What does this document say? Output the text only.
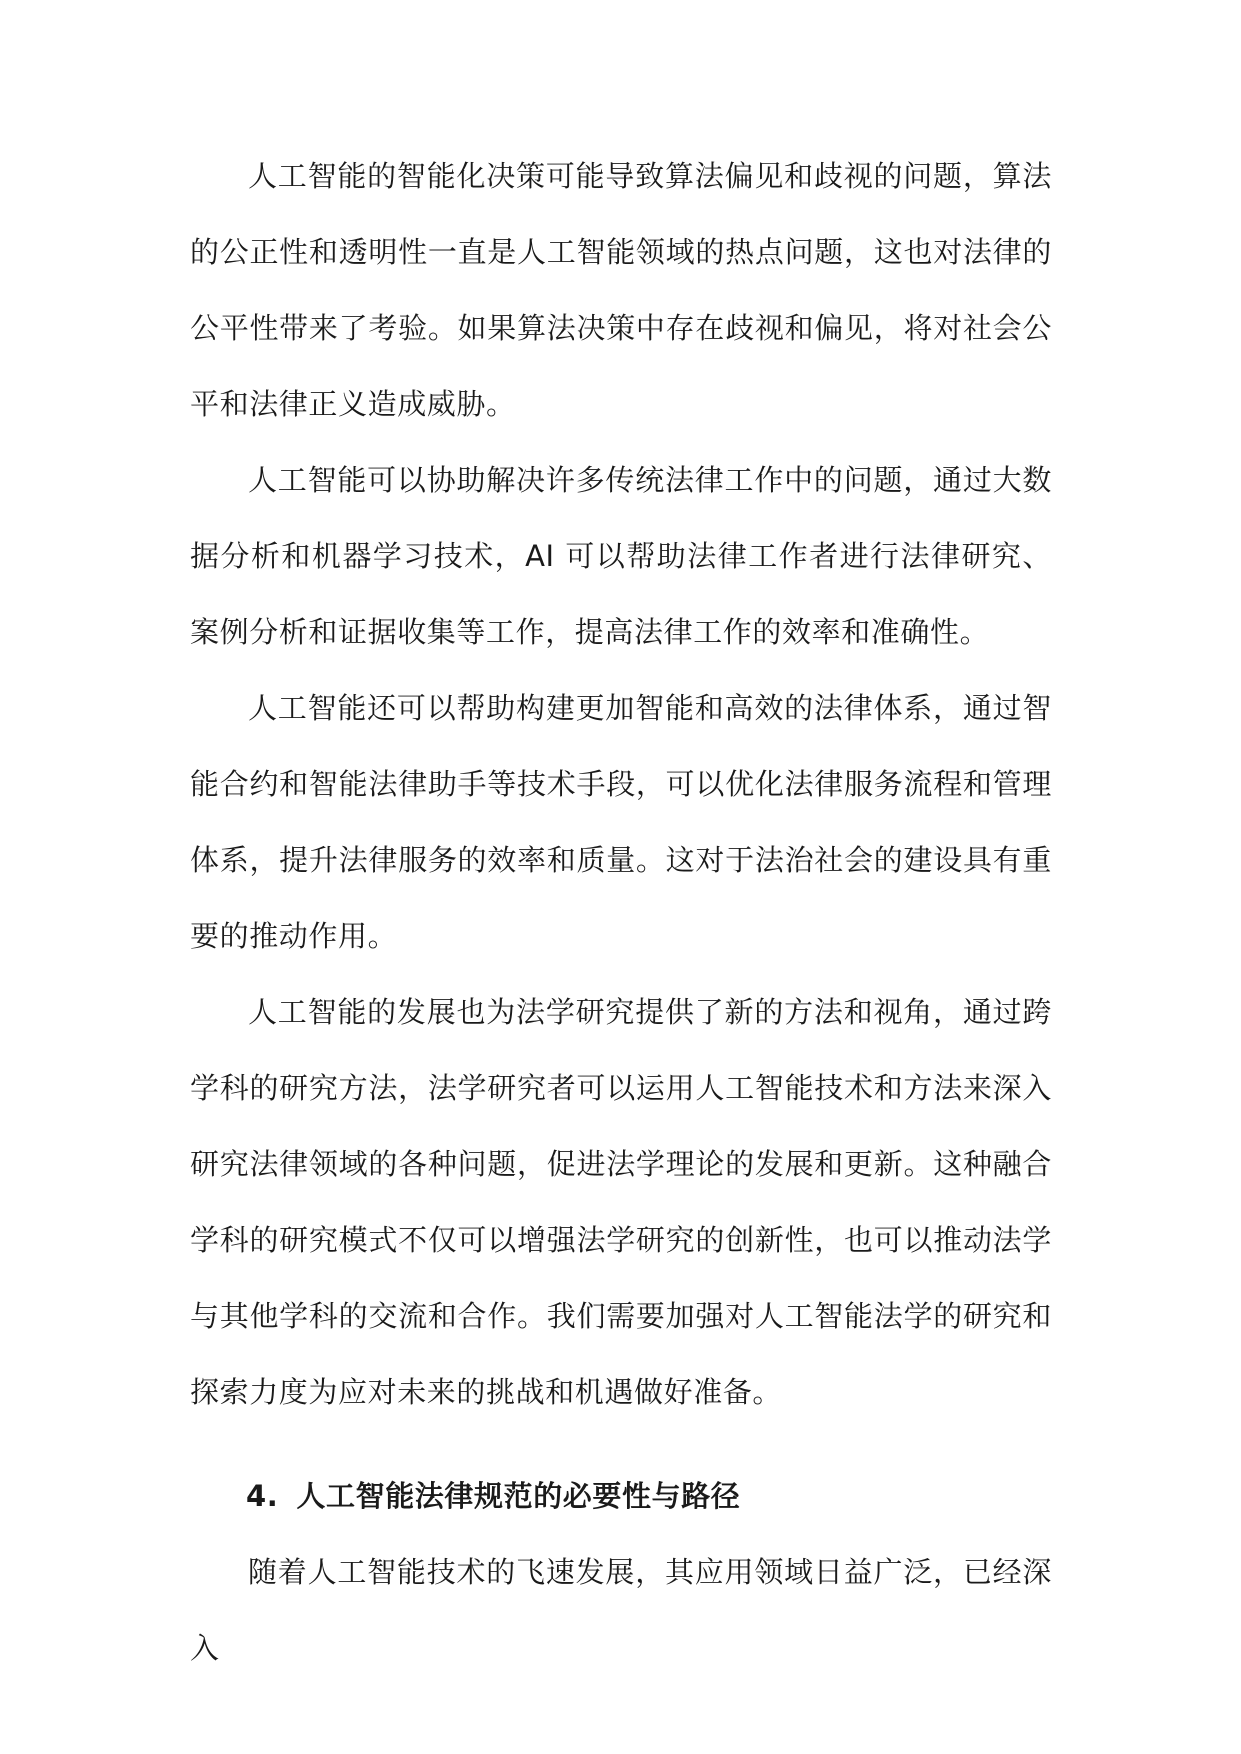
人工智能的智能化决策可能导致算法偏见和歧视的问题，算法的公正性和透明性一直是人工智能领域的热点问题，这也对法律的公平性带来了考验。如果算法决策中存在歧视和偏见，将对社会公平和法律正义造成威胁。

人工智能可以协助解决许多传统法律工作中的问题，通过大数据分析和机器学习技术，AI 可以帮助法律工作者进行法律研究、案例分析和证据收集等工作，提高法律工作的效率和准确性。

人工智能还可以帮助构建更加智能和高效的法律体系，通过智能合约和智能法律助手等技术手段，可以优化法律服务流程和管理体系，提升法律服务的效率和质量。这对于法治社会的建设具有重要的推动作用。

人工智能的发展也为法学研究提供了新的方法和视角，通过跨学科的研究方法，法学研究者可以运用人工智能技术和方法来深入研究法律领域的各种问题，促进法学理论的发展和更新。这种融合学科的研究模式不仅可以增强法学研究的创新性，也可以推动法学与其他学科的交流和合作。我们需要加强对人工智能法学的研究和探索力度为应对未来的挑战和机遇做好准备。

4. 人工智能法律规范的必要性与路径

随着人工智能技术的飞速发展，其应用领域日益广泛，已经深入
